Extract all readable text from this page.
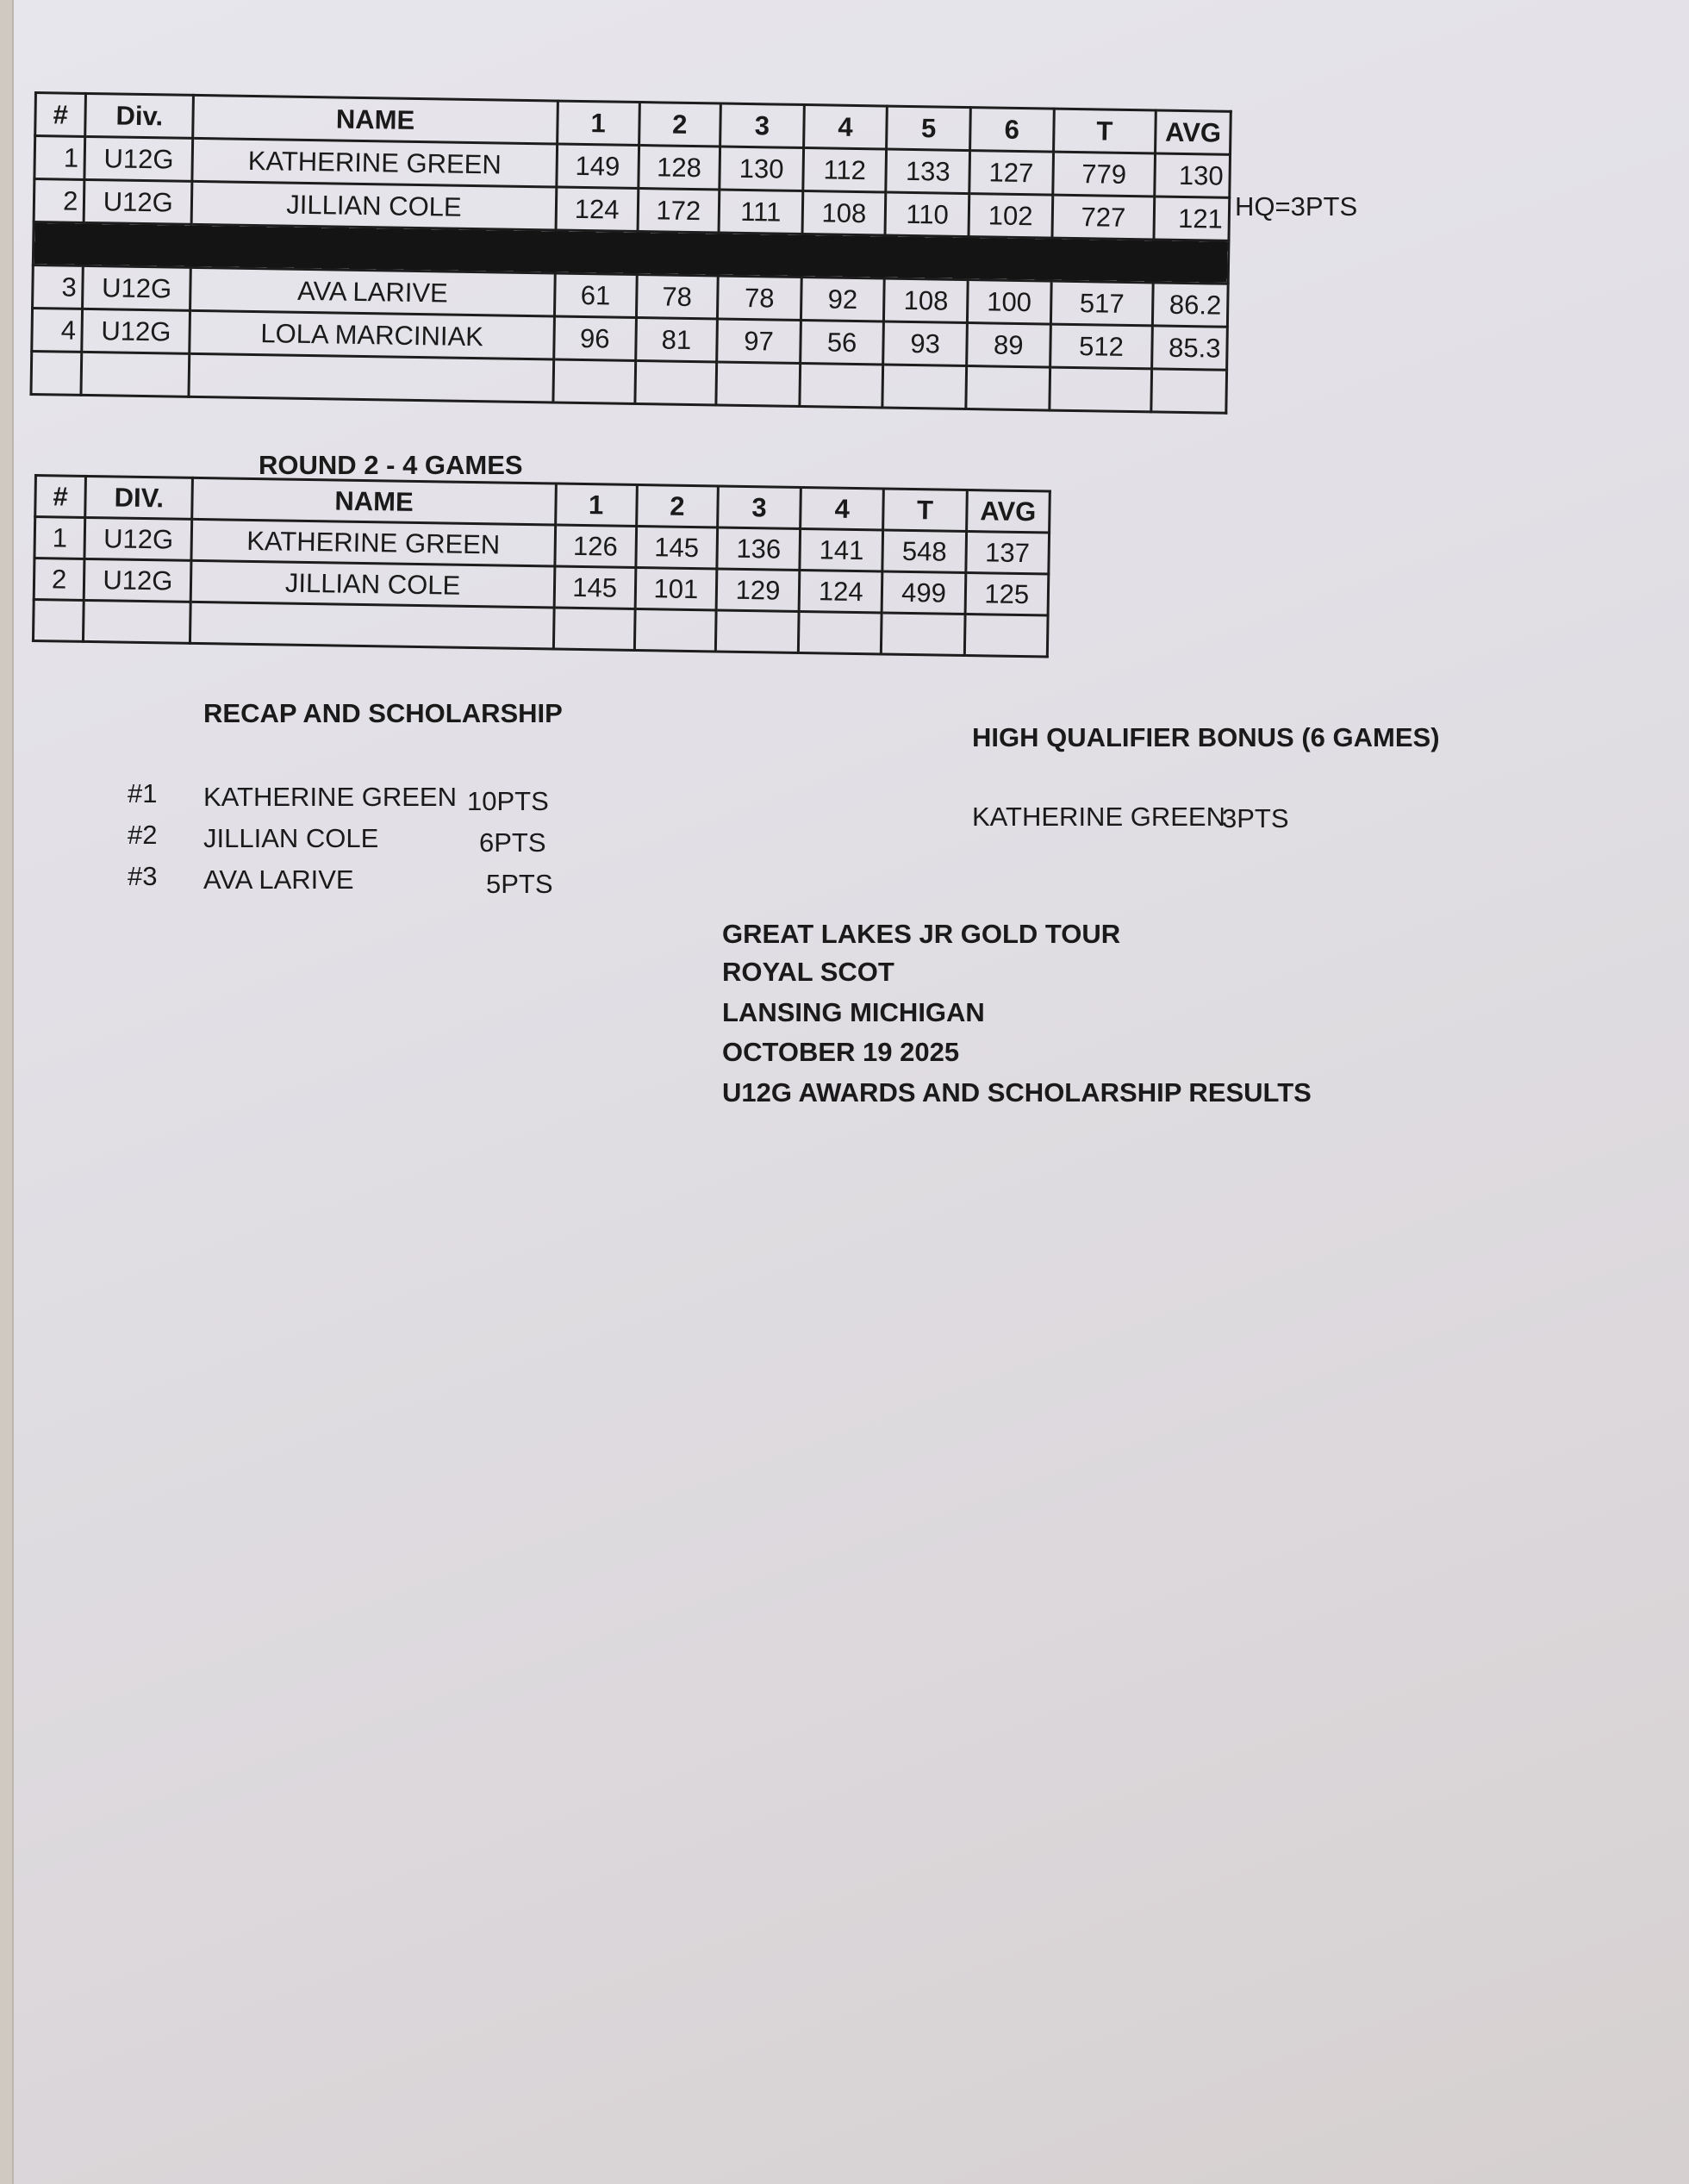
#	Div.	NAME	1	2	3	4	5	6	T	AVG
1	U12G	KATHERINE GREEN	149	128	130	112	133	127	779	130
2	U12G	JILLIAN COLE	124	172	111	108	110	102	727	121

3	U12G	AVA LARIVE	61	78	78	92	108	100	517	86.2
4	U12G	LOLA MARCINIAK	96	81	97	56	93	89	512	85.3

HQ=3PTS
ROUND 2 - 4 GAMES
#	DIV.	NAME	1	2	3	4	T	AVG
1	U12G	KATHERINE GREEN	126	145	136	141	548	137
2	U12G	JILLIAN COLE	145	101	129	124	499	125

RECAP AND SCHOLARSHIP
#1 KATHERINE GREEN 10PTS
#2 JILLIAN COLE	6PTS
#3 AVA LARIVE	5PTS
HIGH QUALIFIER BONUS (6 GAMES)
KATHERINE GREEN
3PTS
GREAT LAKES JR GOLD TOUR
ROYAL SCOT
LANSING MICHIGAN
OCTOBER 19 2025
U12G AWARDS AND SCHOLARSHIP RESULTS
